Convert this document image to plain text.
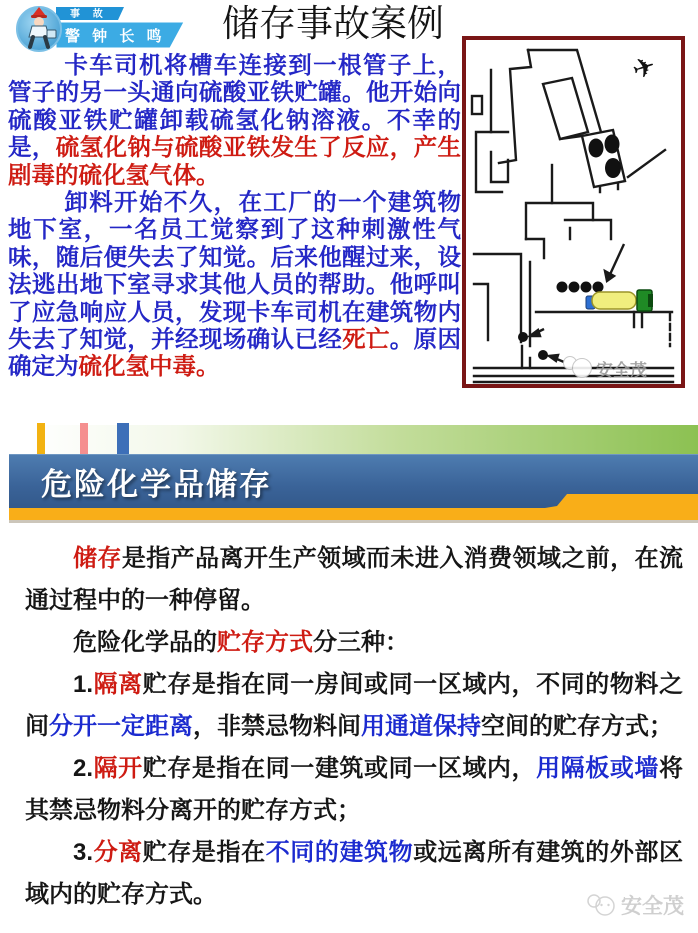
事 故
警 钟 长 鸣 储存事故案例

卡车司机将槽车连接到一根管子上，管子的另一头通向硫酸亚铁贮罐。他开始向硫酸亚铁贮罐卸载硫氢化钠溶液。不幸的是，硫氢化钠与硫酸亚铁发生了反应，产生剧毒的硫化氢气体。

卸料开始不久，在工厂的一个建筑物地下室，一名员工觉察到了这种刺激性气味，随后便失去了知觉。后来他醒过来，设法逃出地下室寻求其他人员的帮助。他呼叫了应急响应人员，发现卡车司机在建筑物内失去了知觉，并经现场确认已经死亡。原因确定为硫化氢中毒。

✈
安全茂
危险化学品储存

储存是指产品离开生产领域而未进入消费领域之前，在流通过程中的一种停留。

危险化学品的贮存方式分三种：

1.隔离贮存是指在同一房间或同一区域内，不同的物料之间分开一定距离，非禁忌物料间用通道保持空间的贮存方式；

2.隔开贮存是指在同一建筑或同一区域内，用隔板或墙将其禁忌物料分离开的贮存方式；

3.分离贮存是指在不同的建筑物或远离所有建筑的外部区域内的贮存方式。	安全茂
